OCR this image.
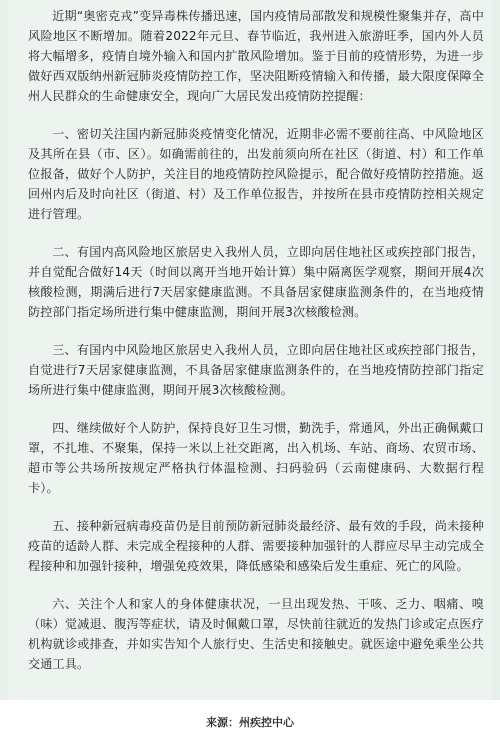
近期“奥密克戎”变异毒株传播迅速，国内疫情局部散发和规模性聚集并存，高中风险地区不断增加。随着2022年元旦、春节临近，我州进入旅游旺季，国内外人员将大幅增多，疫情自境外输入和国内扩散风险增加。鉴于目前的疫情形势，为进一步做好西双版纳州新冠肺炎疫情防控工作，坚决阻断疫情输入和传播，最大限度保障全州人民群众的生命健康安全，现向广大居民发出疫情防控提醒：

一、密切关注国内新冠肺炎疫情变化情况，近期非必需不要前往高、中风险地区及其所在县（市、区）。如确需前往的，出发前须向所在社区（街道、村）和工作单位报备，做好个人防护，关注目的地疫情防控风险提示，配合做好疫情防控措施。返回州内后及时向社区（街道、村）及工作单位报告，并按所在县市疫情防控相关规定进行管理。

二、有国内高风险地区旅居史入我州人员，立即向居住地社区或疾控部门报告，并自觉配合做好14天（时间以离开当地开始计算）集中隔离医学观察，期间开展4次核酸检测，期满后进行7天居家健康监测。不具备居家健康监测条件的，在当地疫情防控部门指定场所进行集中健康监测，期间开展3次核酸检测。

三、有国内中风险地区旅居史入我州人员，立即向居住地社区或疾控部门报告，自觉进行7天居家健康监测，不具备居家健康监测条件的，在当地疫情防控部门指定场所进行集中健康监测，期间开展3次核酸检测。

四、继续做好个人防护，保持良好卫生习惯，勤洗手，常通风，外出正确佩戴口罩，不扎堆、不聚集，保持一米以上社交距离，出入机场、车站、商场、农贸市场、超市等公共场所按规定严格执行体温检测、扫码验码（云南健康码、大数据行程卡）。

五、接种新冠病毒疫苗仍是目前预防新冠肺炎最经济、最有效的手段，尚未接种疫苗的适龄人群、未完成全程接种的人群、需要接种加强针的人群应尽早主动完成全程接种和加强针接种，增强免疫效果，降低感染和感染后发生重症、死亡的风险。

六、关注个人和家人的身体健康状况，一旦出现发热、干咳、乏力、咽痛、嗅（味）觉减退、腹泻等症状，请及时佩戴口罩，尽快前往就近的发热门诊或定点医疗机构就诊或排查，并如实告知个人旅行史、生活史和接触史。就医途中避免乘坐公共交通工具。

来源：州疾控中心
